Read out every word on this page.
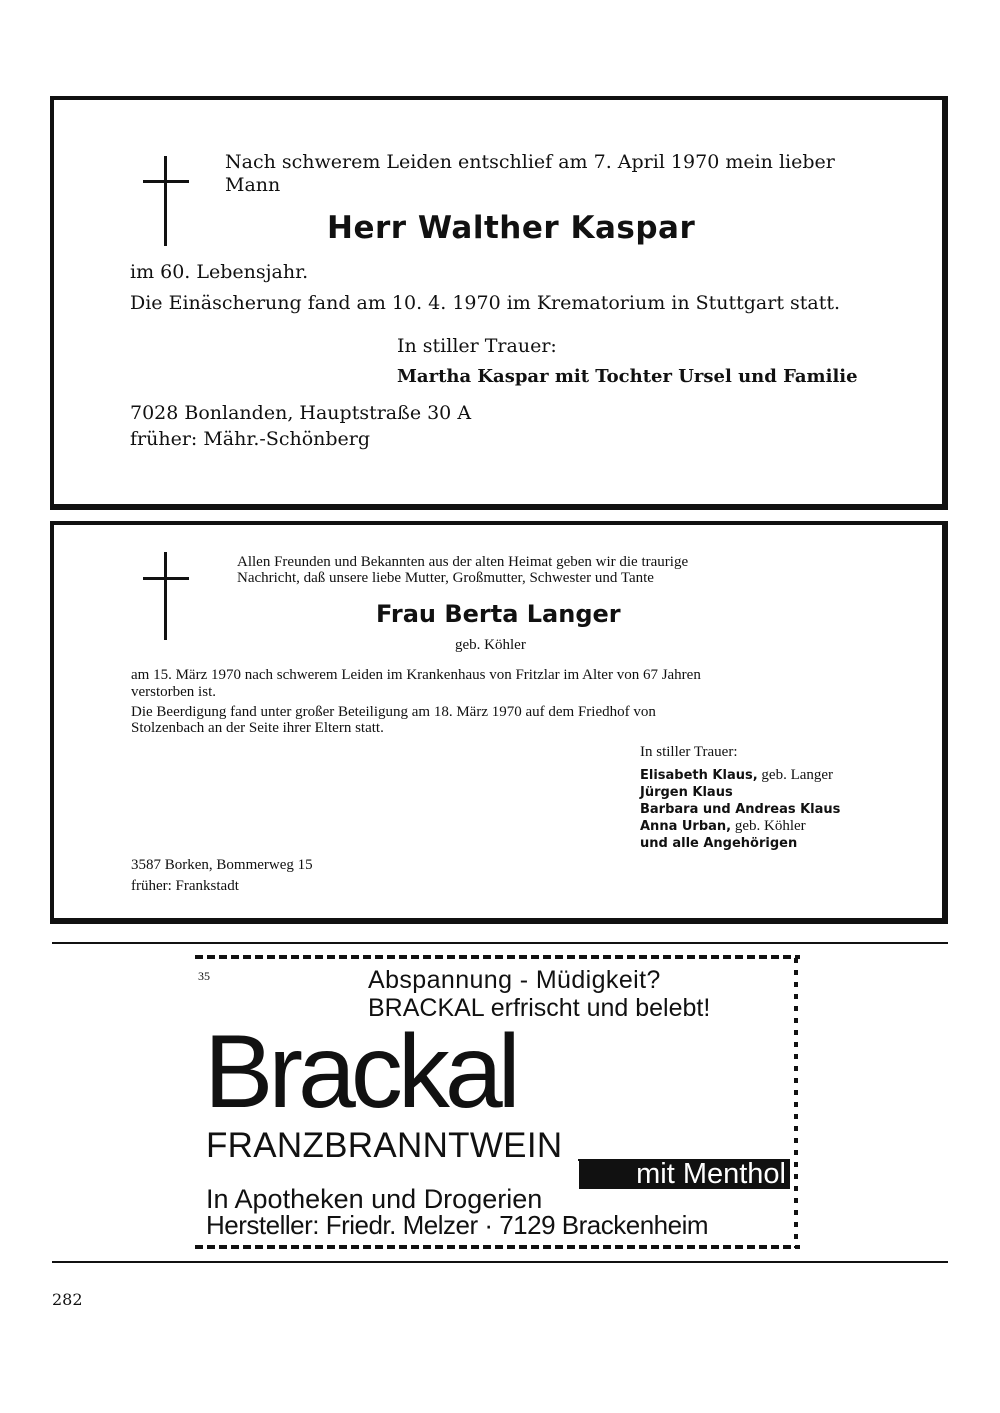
Nach schwerem Leiden entschlief am 7. April 1970 mein lieber
Mann
Herr Walther Kaspar
im 60. Lebensjahr.
Die Einäscherung fand am 10. 4. 1970 im Krematorium in Stuttgart statt.
In stiller Trauer:
Martha Kaspar mit Tochter Ursel und Familie
7028 Bonlanden, Hauptstraße 30 A
früher: Mähr.-Schönberg
Allen Freunden und Bekannten aus der alten Heimat geben wir die traurige
Nachricht, daß unsere liebe Mutter, Großmutter, Schwester und Tante
Frau Berta Langer
geb. Köhler
am 15. März 1970 nach schwerem Leiden im Krankenhaus von Fritzlar im Alter von 67 Jahren
verstorben ist.
Die Beerdigung fand unter großer Beteiligung am 18. März 1970 auf dem Friedhof von
Stolzenbach an der Seite ihrer Eltern statt.
In stiller Trauer:
Elisabeth Klaus, geb. Langer
Jürgen Klaus
Barbara und Andreas Klaus
Anna Urban, geb. Köhler
und alle Angehörigen
3587 Borken, Bommerweg 15
früher: Frankstadt
35	Abspannung - Müdigkeit?
BRACKAL erfrischt und belebt!
Brackal
FRANZBRANNTWEIN
mit Menthol
In Apotheken und Drogerien
Hersteller: Friedr. Melzer · 7129 Brackenheim
282
